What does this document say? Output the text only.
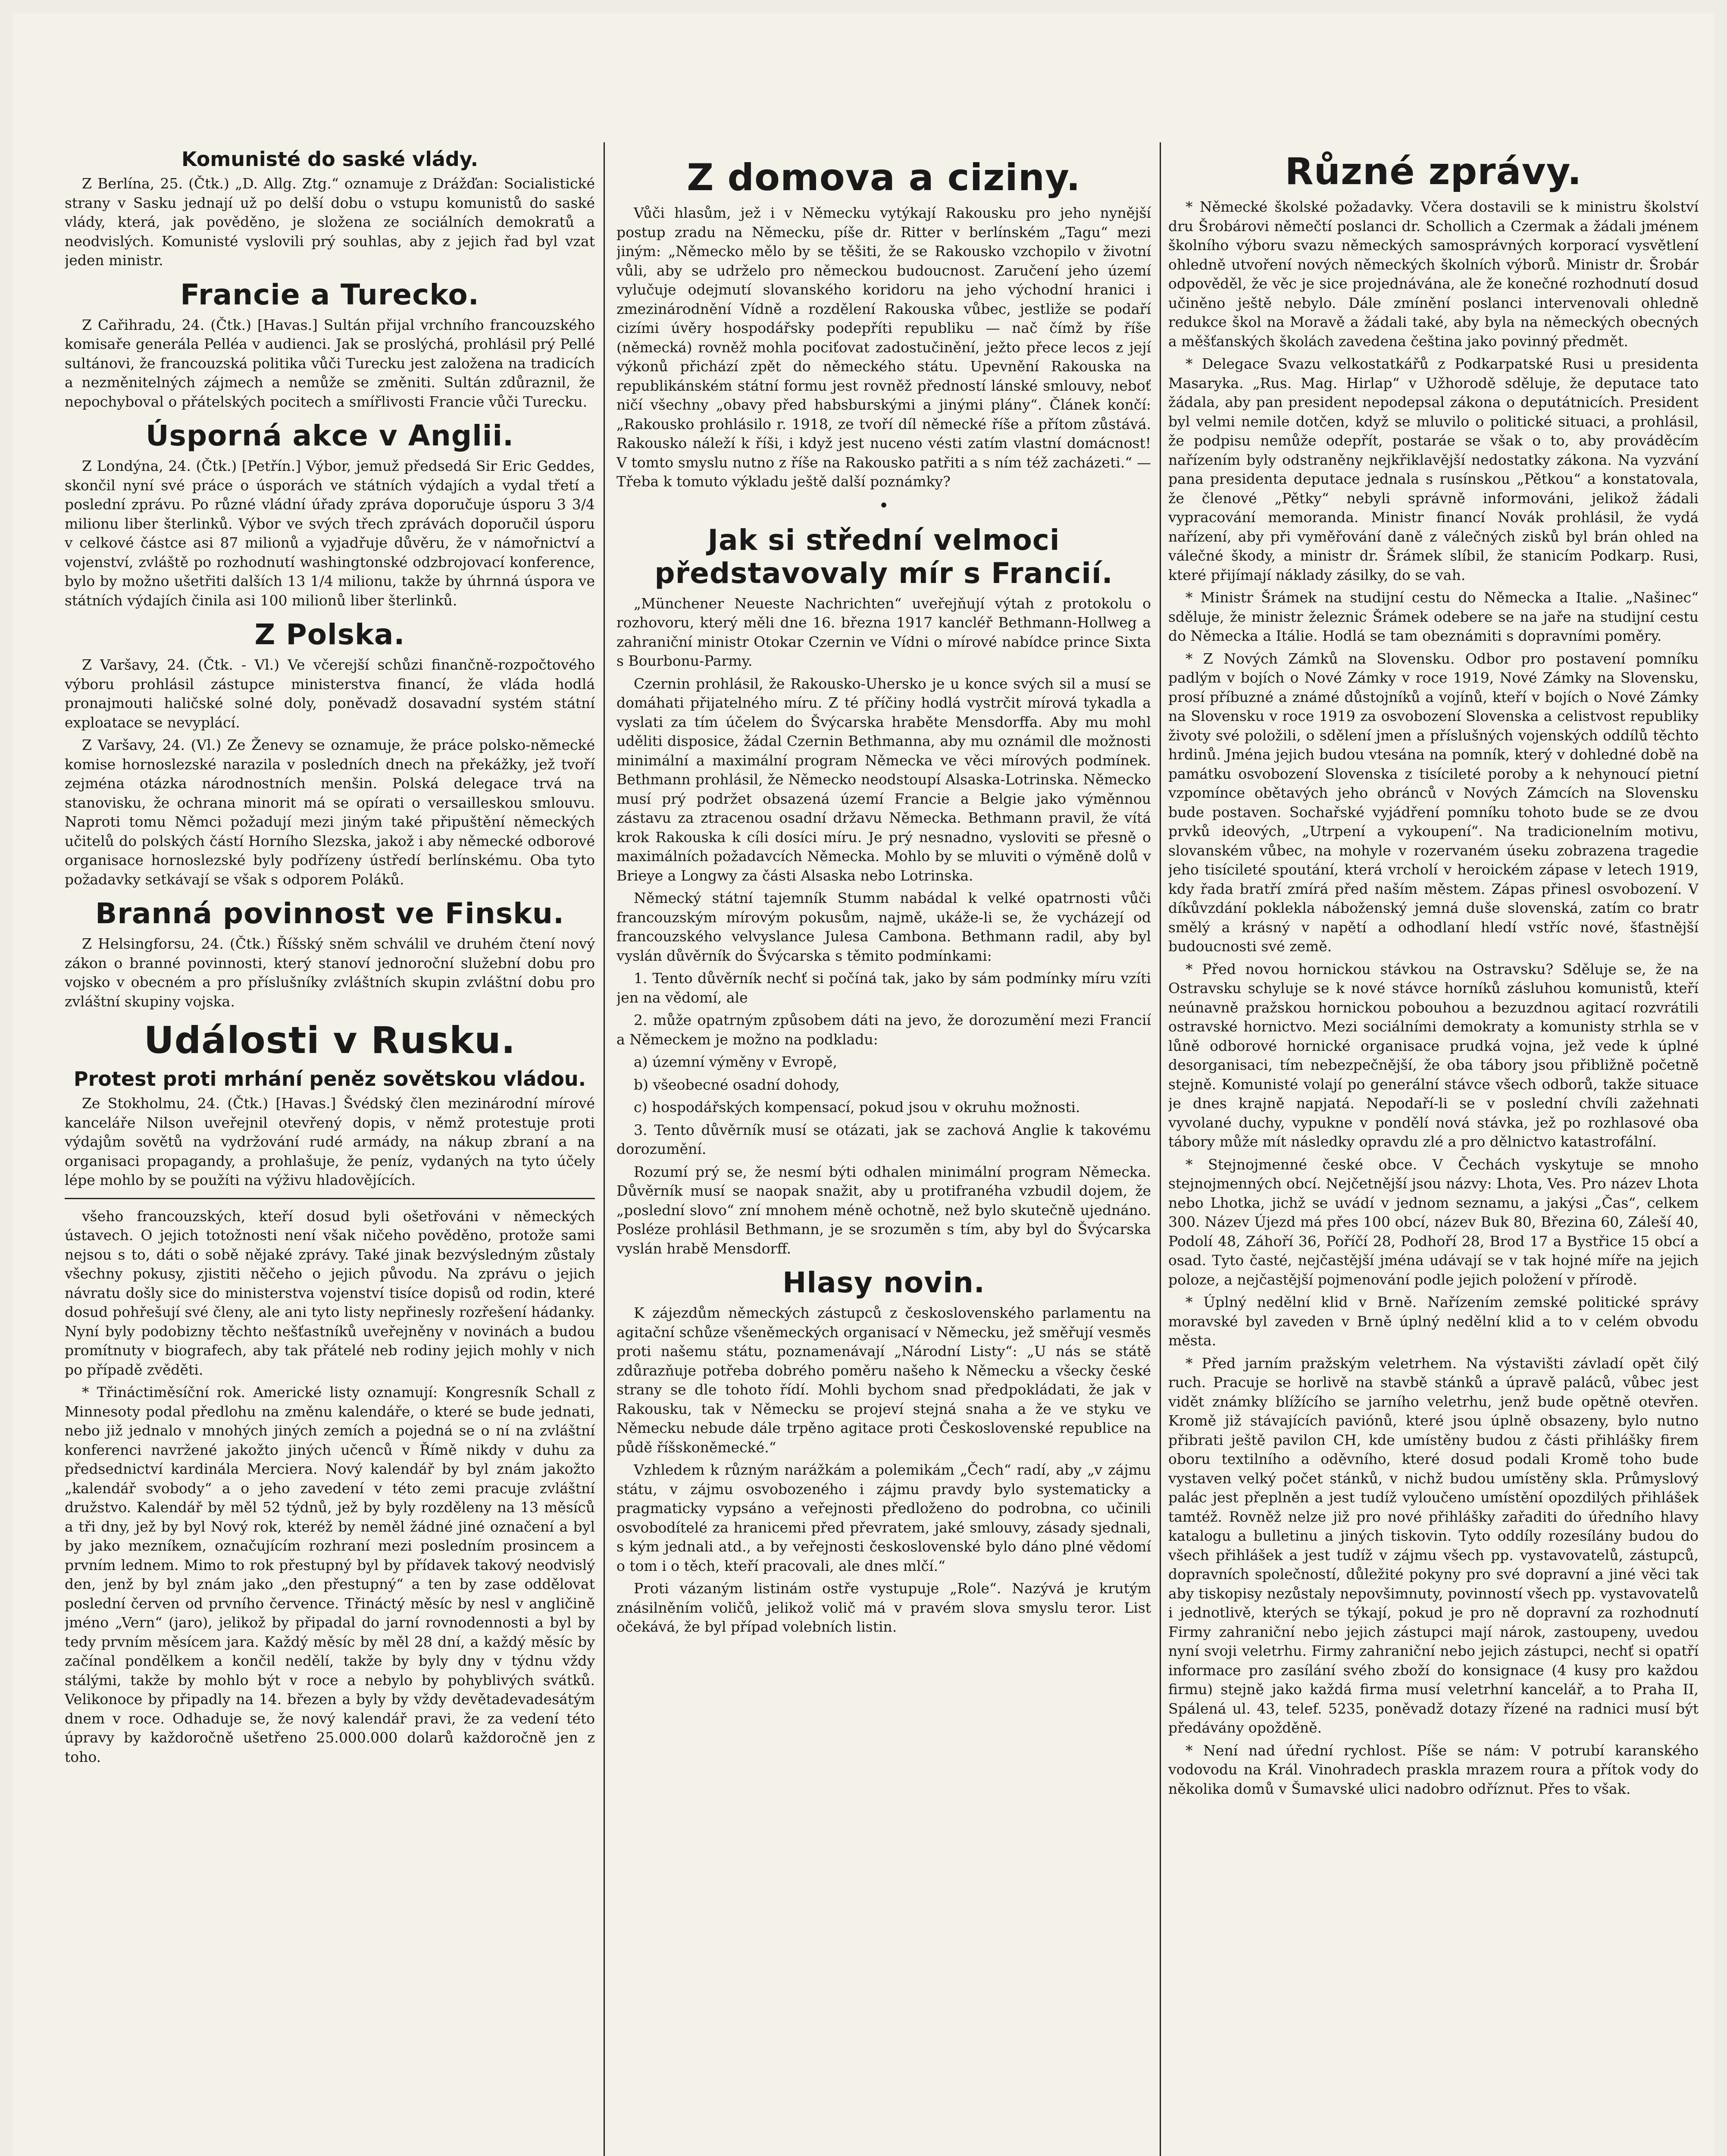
Komunisté do saské vlády.

Z Berlína, 25. (Čtk.) „D. Allg. Ztg.“ oznamuje z Drážďan: Socialistické strany v Sasku jednají už po delší dobu o vstupu komunistů do saské vlády, která, jak pověděno, je složena ze sociálních demokratů a neodvislých. Komunisté vyslovili prý souhlas, aby z jejich řad byl vzat jeden ministr.

Francie a Turecko.

Z Cařihradu, 24. (Čtk.) [Havas.] Sultán přijal vrchního francouzského komisaře generála Pelléa v audienci. Jak se proslýchá, prohlásil prý Pellé sultánovi, že francouzská politika vůči Turecku jest založena na tradicích a nezměnitelných zájmech a nemůže se změniti. Sultán zdůraznil, že nepochyboval o přátelských pocitech a smířlivosti Francie vůči Turecku.

Úsporná akce v Anglii.

Z Londýna, 24. (Čtk.) [Petřín.] Výbor, jemuž předsedá Sir Eric Geddes, skončil nyní své práce o úsporách ve státních výdajích a vydal třetí a poslední zprávu. Po různé vládní úřady zpráva doporučuje úsporu 3 3/4 milionu liber šterlinků. Výbor ve svých třech zprávách doporučil úsporu v celkové částce asi 87 milionů a vyjadřuje důvěru, že v námořnictví a vojenství, zvláště po rozhodnutí washingtonské odzbrojovací konference, bylo by možno ušetřiti dalších 13 1/4 milionu, takže by úhrnná úspora ve státních výdajích činila asi 100 milionů liber šterlinků.

Z Polska.

Z Varšavy, 24. (Čtk. - Vl.) Ve včerejší schůzi finančně-rozpočtového výboru prohlásil zástupce ministerstva financí, že vláda hodlá pronajmouti haličské solné doly, poněvadž dosavadní systém státní exploatace se nevyplácí.

Z Varšavy, 24. (Vl.) Ze Ženevy se oznamuje, že práce polsko-německé komise hornoslezské narazila v posledních dnech na překážky, jež tvoří zejména otázka národnostních menšin. Polská delegace trvá na stanovisku, že ochrana minorit má se opírati o versailleskou smlouvu. Naproti tomu Němci požadují mezi jiným také připuštění německých učitelů do polských částí Horního Slezska, jakož i aby německé odborové organisace hornoslezské byly podřízeny ústředí berlínskému. Oba tyto požadavky setkávají se však s odporem Poláků.

Branná povinnost ve Finsku.

Z Helsingforsu, 24. (Čtk.) Říšský sněm schválil ve druhém čtení nový zákon o branné povinnosti, který stanoví jednoroční služební dobu pro vojsko v obecném a pro příslušníky zvláštních skupin zvláštní dobu pro zvláštní skupiny vojska.

Události v Rusku.
Protest proti mrhání peněz sovětskou vládou.

Ze Stokholmu, 24. (Čtk.) [Havas.] Švédský člen mezinárodní mírové kanceláře Nilson uveřejnil otevřený dopis, v němž protestuje proti výdajům sovětů na vydržování rudé armády, na nákup zbraní a na organisaci propagandy, a prohlašuje, že peníz, vydaných na tyto účely lépe mohlo by se použíti na výživu hladovějících.

všeho francouzských, kteří dosud byli ošetřováni v německých ústavech. O jejich totožnosti není však ničeho pověděno, protože sami nejsou s to, dáti o sobě nějaké zprávy. Také jinak bezvýsledným zůstaly všechny pokusy, zjistiti něčeho o jejich původu. Na zprávu o jejich návratu došly sice do ministerstva vojenství tisíce dopisů od rodin, které dosud pohřešují své členy, ale ani tyto listy nepřinesly rozřešení hádanky. Nyní byly podobizny těchto nešťastníků uveřejněny v novinách a budou promítnuty v biografech, aby tak přátelé neb rodiny jejich mohly v nich po případě zvěděti.

* Třináctiměsíční rok. Americké listy oznamují: Kongresník Schall z Minnesoty podal předlohu na změnu kalendáře, o které se bude jednati, nebo již jednalo v mnohých jiných zemích a pojedná se o ní na zvláštní konferenci navržené jakožto jiných učenců v Římě nikdy v duhu za předsednictví kardinála Merciera. Nový kalendář by byl znám jakožto „kalendář svobody“ a o jeho zavedení v této zemi pracuje zvláštní družstvo. Kalendář by měl 52 týdnů, jež by byly rozděleny na 13 měsíců a tři dny, jež by byl Nový rok, kteréž by neměl žádné jiné označení a byl by jako mezníkem, označujícím rozhraní mezi posledním prosincem a prvním lednem. Mimo to rok přestupný byl by přídavek takový neodvislý den, jenž by byl znám jako „den přestupný“ a ten by zase oddělovat poslední červen od prvního července. Třináctý měsíc by nesl v angličině jméno „Vern“ (jaro), jelikož by připadal do jarní rovnodennosti a byl by tedy prvním měsícem jara. Každý měsíc by měl 28 dní, a každý měsíc by začínal pondělkem a končil nedělí, takže by byly dny v týdnu vždy stálými, takže by mohlo být v roce a nebylo by pohyblivých svátků. Velikonoce by připadly na 14. březen a byly by vždy devětadevadesátým dnem v roce. Odhaduje se, že nový kalendář pravi, že za vedení této úpravy by každoročně ušetřeno 25.000.000 dolarů každoročně jen z toho.

Z domova a ciziny.

Vůči hlasům, jež i v Německu vytýkají Rakousku pro jeho nynější postup zradu na Německu, píše dr. Ritter v berlínském „Tagu“ mezi jiným: „Německo mělo by se těšiti, že se Rakousko vzchopilo v životní vůli, aby se udrželo pro německou budoucnost. Zaručení jeho území vylučuje odejmutí slovanského koridoru na jeho východní hranici i zmezinárodnění Vídně a rozdělení Rakouska vůbec, jestliže se podaří cizími úvěry hospodářsky podepříti republiku — nač čímž by říše (německá) rovněž mohla pociťovat zadostučinění, ježto přece lecos z její výkonů přichází zpět do německého státu. Upevnění Rakouska na republikánském státní formu jest rovněž předností lánské smlouvy, neboť ničí všechny „obavy před habsburskými a jinými plány“. Článek končí: „Rakousko prohlásilo r. 1918, ze tvoří díl německé říše a přítom zůstává. Rakousko náleží k říši, i když jest nuceno vésti zatím vlastní domácnost! V tomto smyslu nutno z říše na Rakousko patřiti a s ním též zacházeti.“ — Třeba k tomuto výkladu ještě další poznámky?

•
Jak si střední velmoci představovaly mír s Francií.

„Münchener Neueste Nachrichten“ uveřejňují výtah z protokolu o rozhovoru, který měli dne 16. března 1917 kancléř Bethmann-Hollweg a zahraniční ministr Otokar Czernin ve Vídni o mírové nabídce prince Sixta s Bourbonu-Parmy.

Czernin prohlásil, že Rakousko-Uhersko je u konce svých sil a musí se domáhati přijatelného míru. Z té příčiny hodlá vystrčit mírová tykadla a vyslati za tím účelem do Švýcarska hraběte Mensdorffa. Aby mu mohl uděliti disposice, žádal Czernin Bethmanna, aby mu oznámil dle možnosti minimální a maximální program Německa ve věci mírových podmínek. Bethmann prohlásil, že Německo neodstoupí Alsaska-Lotrinska. Německo musí prý podržet obsazená území Francie a Belgie jako výměnnou zástavu za ztracenou osadní državu Německa. Bethmann pravil, že vítá krok Rakouska k cíli dosíci míru. Je prý nesnadno, vysloviti se přesně o maximálních požadavcích Německa. Mohlo by se mluviti o výměně dolů v Brieye a Longwy za části Alsaska nebo Lotrinska.

Německý státní tajemník Stumm nabádal k velké opatrnosti vůči francouzským mírovým pokusům, najmě, ukáže-li se, že vycházejí od francouzského velvyslance Julesa Cambona. Bethmann radil, aby byl vyslán důvěrník do Švýcarska s těmito podmínkami:

1. Tento důvěrník nechť si počíná tak, jako by sám podmínky míru vzíti jen na vědomí, ale

2. může opatrným způsobem dáti na jevo, že dorozumění mezi Francií a Německem je možno na podkladu:

a) územní výměny v Evropě,

b) všeobecné osadní dohody,

c) hospodářských kompensací, pokud jsou v okruhu možnosti.

3. Tento důvěrník musí se otázati, jak se zachová Anglie k takovému dorozumění.

Rozumí prý se, že nesmí býti odhalen minimální program Německa. Důvěrník musí se naopak snažit, aby u protifranéha vzbudil dojem, že „poslední slovo“ zní mnohem méně ochotně, než bylo skutečně ujednáno. Posléze prohlásil Bethmann, je se srozuměn s tím, aby byl do Švýcarska vyslán hrabě Mensdorff.

Hlasy novin.

K zájezdům německých zástupců z československého parlamentu na agitační schůze všeněmeckých organisací v Německu, jež směřují vesměs proti našemu státu, poznamenávají „Národní Listy“: „U nás se státě zdůrazňuje potřeba dobrého poměru našeho k Německu a všecky české strany se dle tohoto řídí. Mohli bychom snad předpokládati, že jak v Rakousku, tak v Německu se projeví stejná snaha a že ve styku ve Německu nebude dále trpěno agitace proti Československé republice na půdě říšskoněmecké.“

Vzhledem k různým narážkám a polemikám „Čech“ radí, aby „v zájmu státu, v zájmu osvobozeného i zájmu pravdy bylo systematicky a pragmaticky vypsáno a veřejnosti předloženo do podrobna, co učinili osvobodítelé za hranicemi před převratem, jaké smlouvy, zásady sjednali, s kým jednali atd., a by veřejnosti československé bylo dáno plné vědomí o tom i o těch, kteří pracovali, ale dnes mlčí.“

Proti vázaným listinám ostře vystupuje „Role“. Nazývá je krutým znásilněním voličů, jelikož volič má v pravém slova smyslu teror. List očekává, že byl případ volebních listin.

Různé zprávy.

* Německé školské požadavky. Včera dostavili se k ministru školství dru Šrobárovi němečtí poslanci dr. Schollich a Czermak a žádali jménem školního výboru svazu německých samosprávných korporací vysvětlení ohledně utvoření nových německých školních výborů. Ministr dr. Šrobár odpověděl, že věc je sice projednávána, ale že konečné rozhodnutí dosud učiněno ještě nebylo. Dále zmínění poslanci intervenovali ohledně redukce škol na Moravě a žádali také, aby byla na německých obecných a měšťanských školách zavedena čeština jako povinný předmět.

* Delegace Svazu velkostatkářů z Podkarpatské Rusi u presidenta Masaryka. „Rus. Mag. Hirlap“ v Užhorodě sděluje, že deputace tato žádala, aby pan president nepodepsal zákona o deputátnicích. President byl velmi nemile dotčen, když se mluvilo o politické situaci, a prohlásil, že podpisu nemůže odepřít, postaráe se však o to, aby prováděcím nařízením byly odstraněny nejkřiklavější nedostatky zákona. Na vyzvání pana presidenta deputace jednala s rusínskou „Pětkou“ a konstatovala, že členové „Pětky“ nebyli správně informováni, jelikož žádali vypracování memoranda. Ministr financí Novák prohlásil, že vydá nařízení, aby při vyměřování daně z válečných zisků byl brán ohled na válečné škody, a ministr dr. Šrámek slíbil, že stanicím Podkarp. Rusi, které přijímají náklady zásilky, do se vah.

* Ministr Šrámek na studijní cestu do Německa a Italie. „Našinec“ sděluje, že ministr železnic Šrámek odebere se na jaře na studijní cestu do Německa a Itálie. Hodlá se tam obeznámiti s dopravními poměry.

* Z Nových Zámků na Slovensku. Odbor pro postavení pomníku padlým v bojích o Nové Zámky v roce 1919, Nové Zámky na Slovensku, prosí příbuzné a známé důstojníků a vojínů, kteří v bojích o Nové Zámky na Slovensku v roce 1919 za osvobození Slovenska a celistvost republiky životy své položili, o sdělení jmen a příslušných vojenských oddílů těchto hrdinů. Jména jejich budou vtesána na pomník, který v dohledné době na památku osvobození Slovenska z tisícileté poroby a k nehynoucí pietní vzpomínce obětavých jeho obránců v Nových Zámcích na Slovensku bude postaven. Sochařské vyjádření pomníku tohoto bude se ze dvou prvků ideových, „Utrpení a vykoupení“. Na tradicionelním motivu, slovanském vůbec, na mohyle v rozervaném úseku zobrazena tragedie jeho tisícileté spoutání, která vrcholí v heroickém zápase v letech 1919, kdy řada bratří zmírá před naším městem. Zápas přinesl osvobození. V díkůvzdání poklekla náboženský jemná duše slovenská, zatím co bratr smělý a krásný v napětí a odhodlaní hledí vstříc nové, šťastnější budoucnosti své země.

* Před novou hornickou stávkou na Ostravsku? Sděluje se, že na Ostravsku schyluje se k nové stávce horníků zásluhou komunistů, kteří neúnavně pražskou hornickou pobouhou a bezuzdnou agitací rozvrátili ostravské hornictvo. Mezi sociálními demokraty a komunisty strhla se v lůně odborové hornické organisace prudká vojna, jež vede k úplné desorganisaci, tím nebezpečnější, že oba tábory jsou přibližně početně stejně. Komunisté volají po generální stávce všech odborů, takže situace je dnes krajně napjatá. Nepodaří-li se v poslední chvíli zažehnati vyvolané duchy, vypukne v pondělí nová stávka, jež po rozhlasové oba tábory může mít následky opravdu zlé a pro dělnictvo katastrofální.

* Stejnojmenné české obce. V Čechách vyskytuje se mnoho stejnojmenných obcí. Nejčetnější jsou názvy: Lhota, Ves. Pro název Lhota nebo Lhotka, jichž se uvádí v jednom seznamu, a jakýsi „Čas“, celkem 300. Název Újezd má přes 100 obcí, název Buk 80, Březina 60, Záleší 40, Podolí 48, Záhoří 36, Poříčí 28, Podhoří 28, Brod 17 a Bystřice 15 obcí a osad. Tyto časté, nejčastější jména udávají se v tak hojné míře na jejich poloze, a nejčastější pojmenování podle jejich položení v přírodě.

* Úplný nedělní klid v Brně. Nařízením zemské politické správy moravské byl zaveden v Brně úplný nedělní klid a to v celém obvodu města.

* Před jarním pražským veletrhem. Na výstavišti závladí opět čilý ruch. Pracuje se horlivě na stavbě stánků a úpravě paláců, vůbec jest vidět známky blížícího se jarního veletrhu, jenž bude opětně otevřen. Kromě již stávajících paviónů, které jsou úplně obsazeny, bylo nutno přibrati ještě pavilon CH, kde umístěny budou z části přihlášky firem oboru textilního a oděvního, které dosud podali Kromě toho bude vystaven velký počet stánků, v nichž budou umístěny skla. Průmyslový palác jest přeplněn a jest tudíž vyloučeno umístění opozdilých přihlášek tamtéž. Rovněž nelze již pro nové přihlášky zařaditi do úředního hlavy katalogu a bulletinu a jiných tiskovin. Tyto oddíly rozesílány budou do všech přihlášek a jest tudíž v zájmu všech pp. vystavovatelů, zástupců, dopravních společností, důležité pokyny pro své dopravní a jiné věci tak aby tiskopisy nezůstaly nepovšimnuty, povinností všech pp. vystavovatelů i jednotlivě, kterých se týkají, pokud je pro ně dopravní za rozhodnutí Firmy zahraniční nebo jejich zástupci mají nárok, zastoupeny, uvedou nyní svoji veletrhu. Firmy zahraniční nebo jejich zástupci, nechť si opatří informace pro zasílání svého zboží do konsignace (4 kusy pro každou firmu) stejně jako každá firma musí veletrhní kancelář, a to Praha II, Spálená ul. 43, telef. 5235, poněvadž dotazy řízené na radnici musí být předávány opožděně.

* Není nad úřední rychlost. Píše se nám: V potrubí karanského vodovodu na Král. Vinohradech praskla mrazem roura a přítok vody do několika domů v Šumavské ulici nadobro odříznut. Přes to však.
